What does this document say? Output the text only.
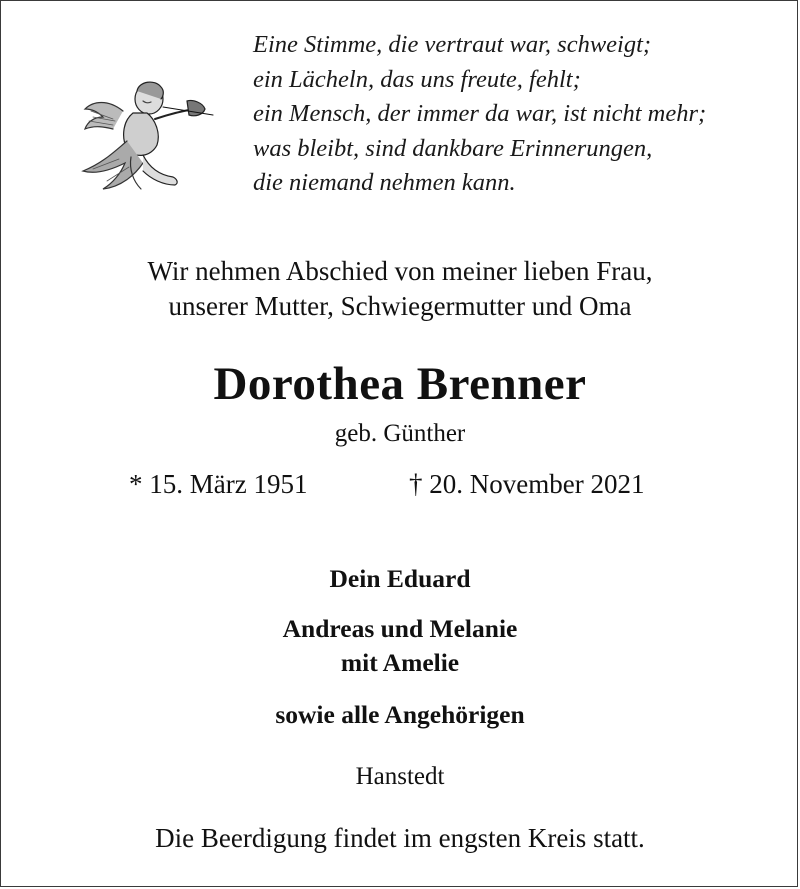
Eine Stimme, die vertraut war, schweigt;
ein Lächeln, das uns freute, fehlt;
ein Mensch, der immer da war, ist nicht mehr;
was bleibt, sind dankbare Erinnerungen,
die niemand nehmen kann.
Wir nehmen Abschied von meiner lieben Frau,
unserer Mutter, Schwiegermutter und Oma
Dorothea Brenner
geb. Günther
* 15. März 1951	† 20. November 2021
Dein Eduard
Andreas und Melanie
mit Amelie
sowie alle Angehörigen
Hanstedt
Die Beerdigung findet im engsten Kreis statt.
